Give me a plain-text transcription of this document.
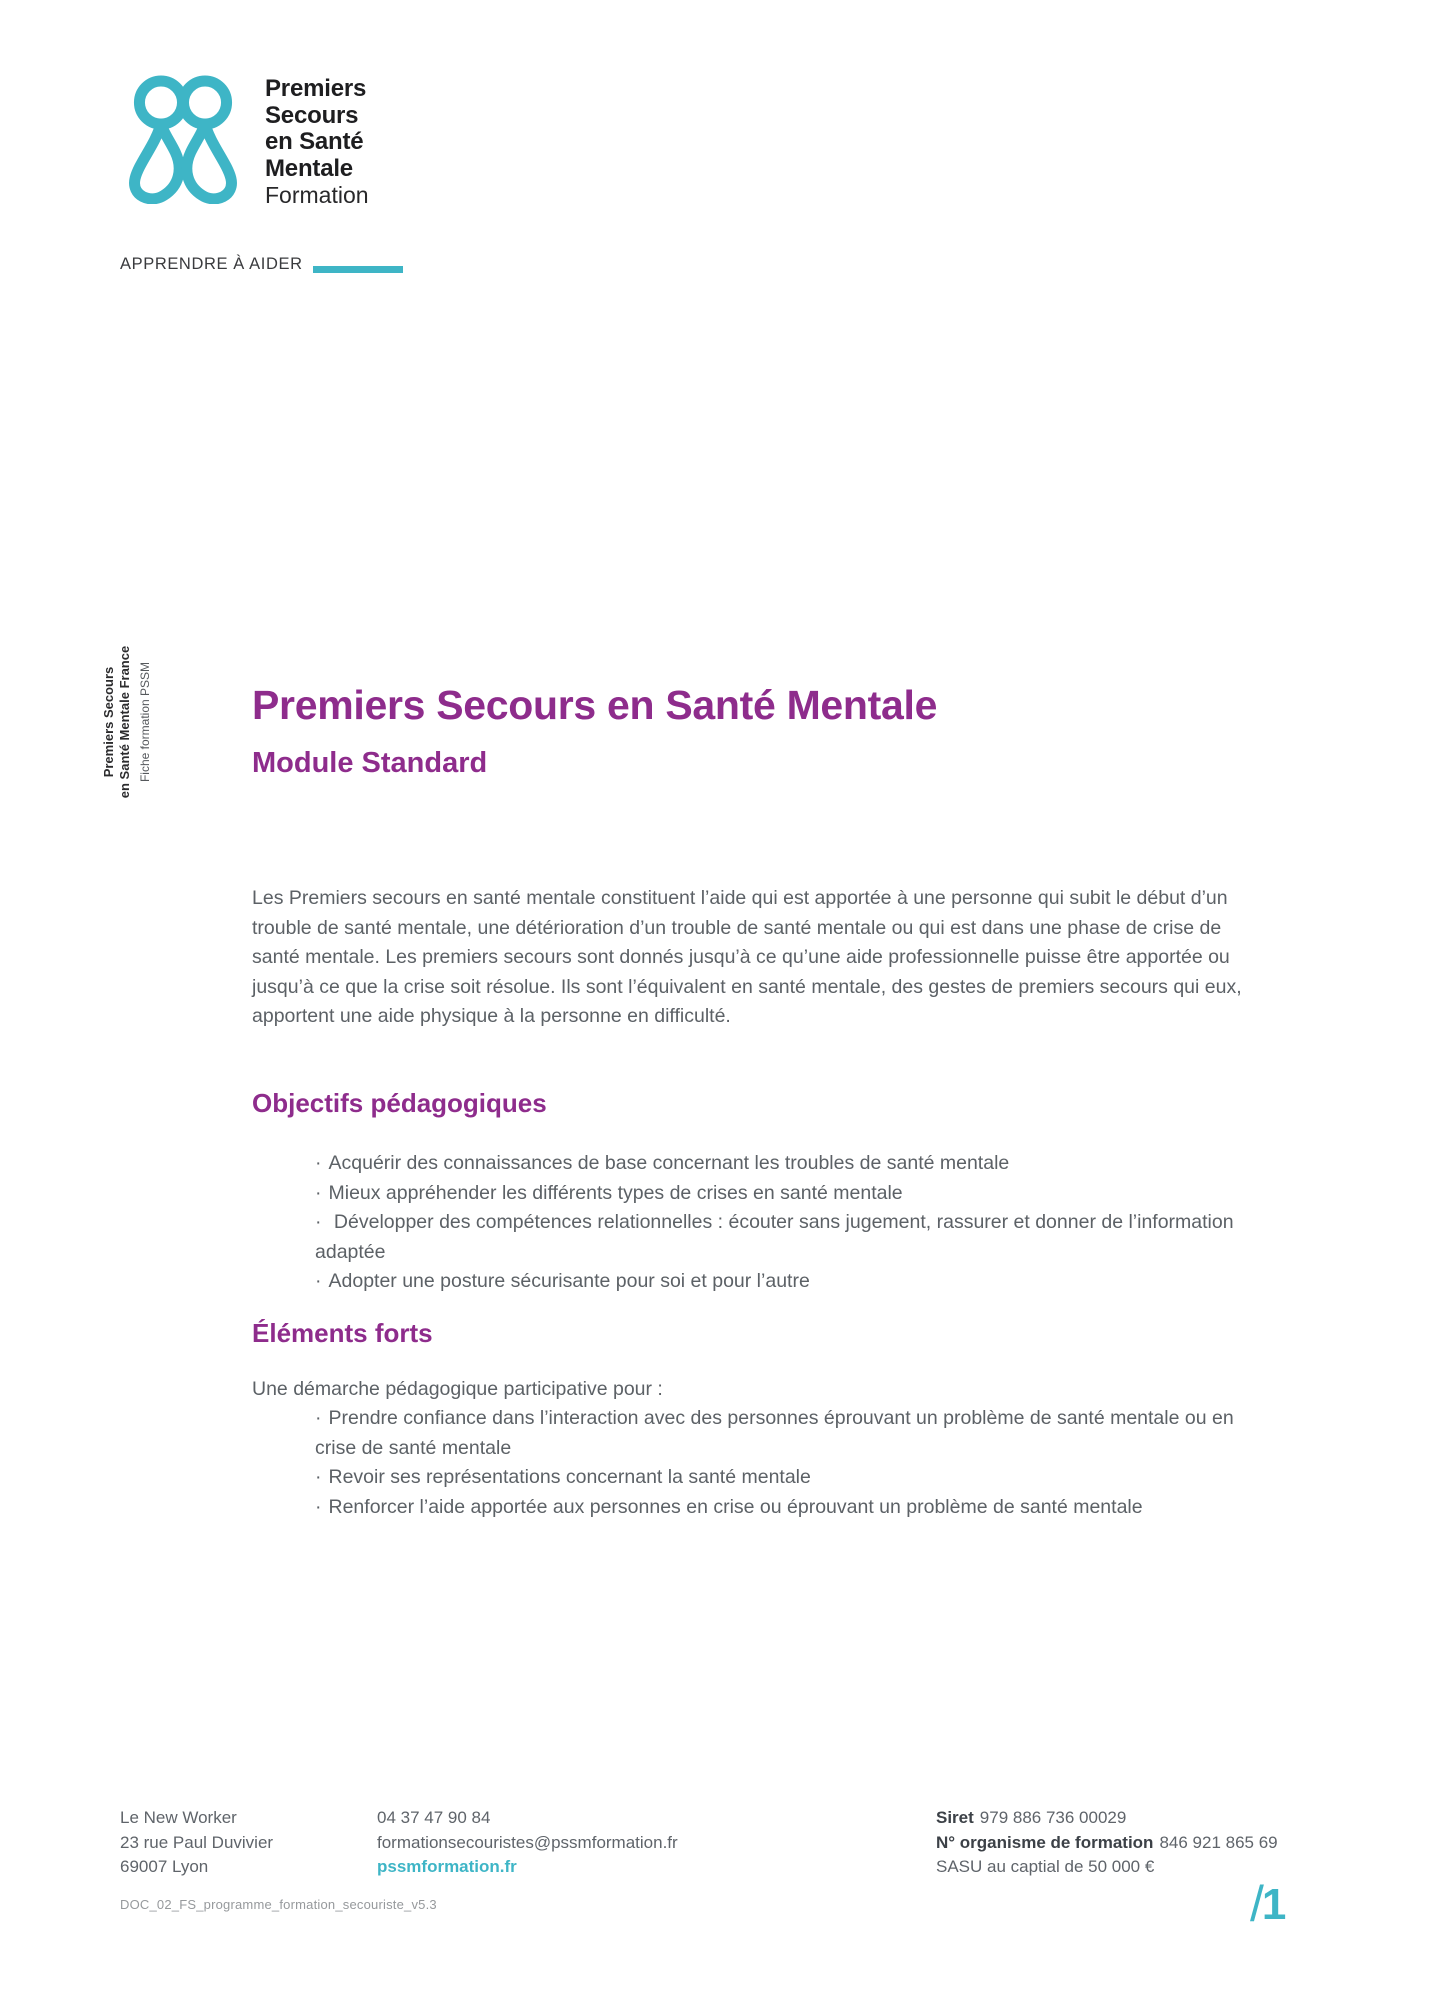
Premiers
Secours
en Santé
Mentale
Formation
APPRENDRE À AIDER
Premiers Secours en Santé Mentale France Fiche formation PSSM Premiers Secours en Santé Mentale
Module Standard

Les Premiers secours en santé mentale constituent l’aide qui est apportée à une personne qui subit le début d’un trouble de santé mentale, une détérioration d’un trouble de santé mentale ou qui est dans une phase de crise de santé mentale. Les premiers secours sont donnés jusqu’à ce qu’une aide professionnelle puisse être apportée ou jusqu’à ce que la crise soit résolue. Ils sont l’équivalent en santé mentale, des gestes de premiers secours qui eux, apportent une aide physique à la personne en difficulté.

Objectifs pédagogiques
· Acquérir des connaissances de base concernant les troubles de santé mentale
· Mieux appréhender les différents types de crises en santé mentale
· Développer des compétences relationnelles : écouter sans jugement, rassurer et donner de l’information adaptée
· Adopter une posture sécurisante pour soi et pour l’autre
Éléments forts

Une démarche pédagogique participative pour :

· Prendre confiance dans l’interaction avec des personnes éprouvant un problème de santé mentale ou en crise de santé mentale
· Revoir ses représentations concernant la santé mentale
· Renforcer l’aide apportée aux personnes en crise ou éprouvant un problème de santé mentale
Le New Worker
23 rue Paul Duvivier
69007 Lyon
04 37 47 90 84
formationsecouristes@pssmformation.fr
pssmformation.fr
Siret 979 886 736 00029
N° organisme de formation 846 921 865 69
SASU au captial de 50 000 €
DOC_02_FS_programme_formation_secouriste_v5.3	/
1
